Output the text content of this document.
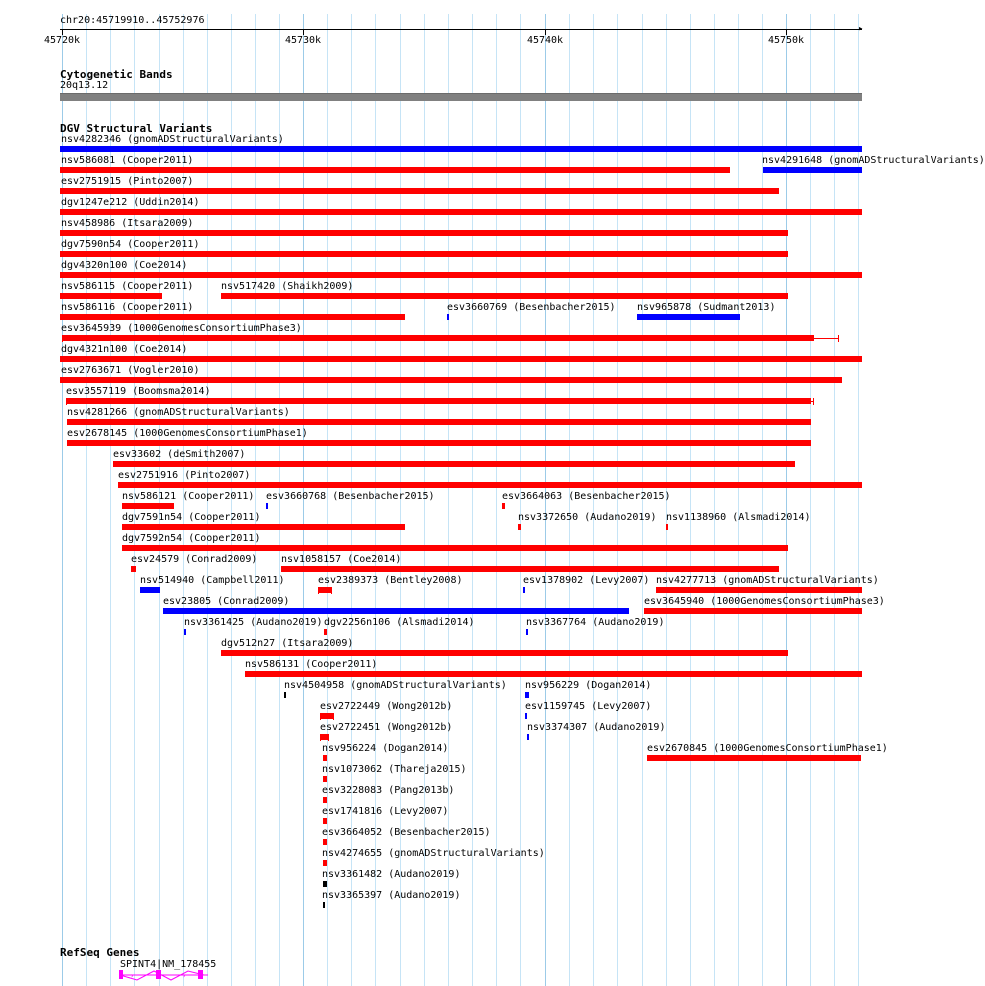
chr20:45719910..45752976
▸
45720k	45730k	45740k	45750k
Cytogenetic Bands
20q13.12
DGV Structural Variants
nsv4282346 (gnomADStructuralVariants)
nsv586081 (Cooper2011)	nsv4291648 (gnomADStructuralVariants)
esv2751915 (Pinto2007)
dgv1247e212 (Uddin2014)
nsv458986 (Itsara2009)
dgv7590n54 (Cooper2011)
dgv4320n100 (Coe2014)
nsv586115 (Cooper2011)	nsv517420 (Shaikh2009)
nsv586116 (Cooper2011)	esv3660769 (Besenbacher2015) nsv965878 (Sudmant2013)
esv3645939 (1000GenomesConsortiumPhase3)
dgv4321n100 (Coe2014)
esv2763671 (Vogler2010)
esv3557119 (Boomsma2014)
nsv4281266 (gnomADStructuralVariants)
esv2678145 (1000GenomesConsortiumPhase1)
esv33602 (deSmith2007)
esv2751916 (Pinto2007)
nsv586121 (Cooper2011) esv3660768 (Besenbacher2015)	esv3664063 (Besenbacher2015)
dgv7591n54 (Cooper2011)	nsv3372650 (Audano2019) nsv1138960 (Alsmadi2014)
dgv7592n54 (Cooper2011)
esv24579 (Conrad2009) nsv1058157 (Coe2014)
nsv514940 (Campbell2011)	esv2389373 (Bentley2008)	esv1378902 (Levy2007) nsv4277713 (gnomADStructuralVariants)
esv23805 (Conrad2009)	esv3645940 (1000GenomesConsortiumPhase3)
nsv3361425 (Audano2019) dgv2256n106 (Alsmadi2014)	nsv3367764 (Audano2019)
dgv512n27 (Itsara2009)
nsv586131 (Cooper2011)
nsv4504958 (gnomADStructuralVariants) nsv956229 (Dogan2014)
esv2722449 (Wong2012b)	esv1159745 (Levy2007)
esv2722451 (Wong2012b)	nsv3374307 (Audano2019)
nsv956224 (Dogan2014)	esv2670845 (1000GenomesConsortiumPhase1)
nsv1073062 (Thareja2015)
esv3228083 (Pang2013b)
esv1741816 (Levy2007)
esv3664052 (Besenbacher2015)
nsv4274655 (gnomADStructuralVariants)
nsv3361482 (Audano2019)
nsv3365397 (Audano2019)
RefSeq Genes
SPINT4|NM_178455
›	›
